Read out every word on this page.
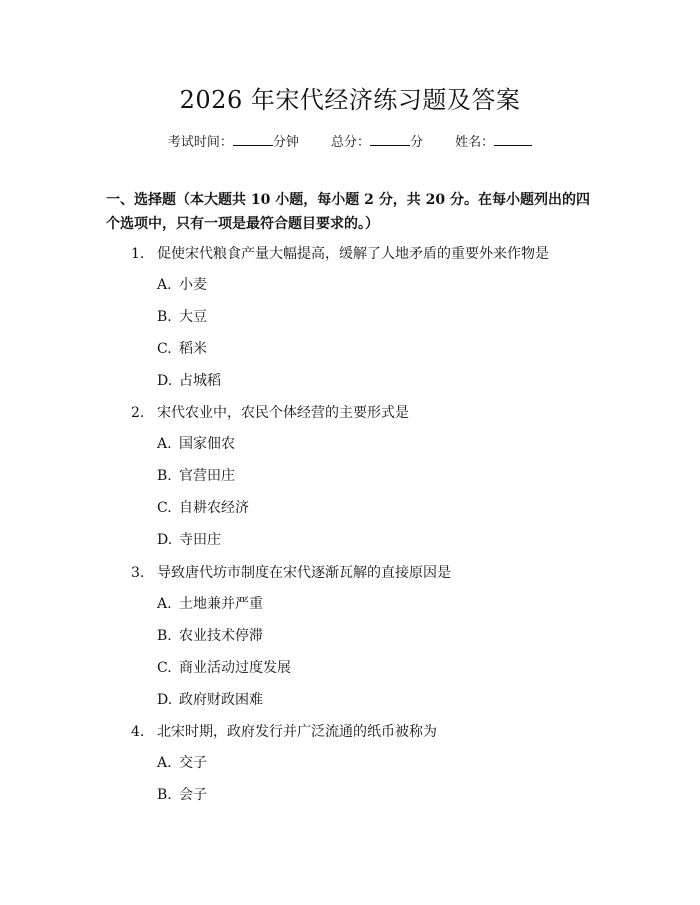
2026 年宋代经济练习题及答案
考试时间：	分钟 总分：	分 姓名：
一、选择题（本大题共 10 小题，每小题 2 分，共 20 分。在每小题列出的四个选项中，只有一项是最符合题目要求的。）
1. 促使宋代粮食产量大幅提高，缓解了人地矛盾的重要外来作物是
A. 小麦
B. 大豆
C. 稻米
D. 占城稻
2. 宋代农业中，农民个体经营的主要形式是
A. 国家佃农
B. 官营田庄
C. 自耕农经济
D. 寺田庄
3. 导致唐代坊市制度在宋代逐渐瓦解的直接原因是
A. 土地兼并严重
B. 农业技术停滞
C. 商业活动过度发展
D. 政府财政困难
4. 北宋时期，政府发行并广泛流通的纸币被称为
A. 交子
B. 会子
